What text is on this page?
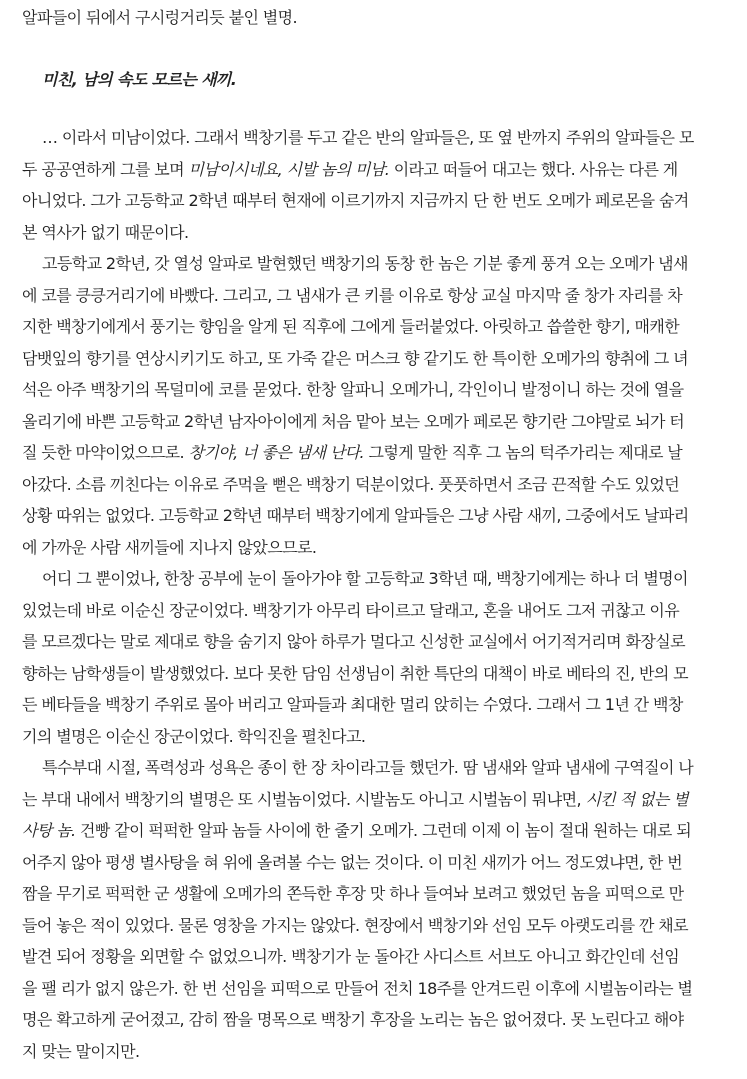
알파들이 뒤에서 구시렁거리듯 붙인 별명.
미친, 남의 속도 모르는 새끼.
… 이라서 미남이었다. 그래서 백창기를 두고 같은 반의 알파들은, 또 옆 반까지 주위의 알파들은 모
두 공공연하게 그를 보며 미남이시네요, 시발 놈의 미남. 이라고 떠들어 대고는 했다. 사유는 다른 게
아니었다. 그가 고등학교 2학년 때부터 현재에 이르기까지 지금까지 단 한 번도 오메가 페로몬을 숨겨
본 역사가 없기 때문이다.
고등학교 2학년, 갓 열성 알파로 발현했던 백창기의 동창 한 놈은 기분 좋게 풍겨 오는 오메가 냄새
에 코를 킁킁거리기에 바빴다. 그리고, 그 냄새가 큰 키를 이유로 항상 교실 마지막 줄 창가 자리를 차
지한 백창기에게서 풍기는 향임을 알게 된 직후에 그에게 들러붙었다. 아릿하고 씁쓸한 향기, 매캐한
담뱃잎의 향기를 연상시키기도 하고, 또 가죽 같은 머스크 향 같기도 한 특이한 오메가의 향취에 그 녀
석은 아주 백창기의 목덜미에 코를 묻었다. 한창 알파니 오메가니, 각인이니 발정이니 하는 것에 열을
올리기에 바쁜 고등학교 2학년 남자아이에게 처음 맡아 보는 오메가 페로몬 향기란 그야말로 뇌가 터
질 듯한 마약이었으므로. 창기야, 너 좋은 냄새 난다. 그렇게 말한 직후 그 놈의 턱주가리는 제대로 날
아갔다. 소름 끼친다는 이유로 주먹을 뻗은 백창기 덕분이었다. 풋풋하면서 조금 끈적할 수도 있었던
상황 따위는 없었다. 고등학교 2학년 때부터 백창기에게 알파들은 그냥 사람 새끼, 그중에서도 날파리
에 가까운 사람 새끼들에 지나지 않았으므로.
어디 그 뿐이었나, 한창 공부에 눈이 돌아가야 할 고등학교 3학년 때, 백창기에게는 하나 더 별명이
있었는데 바로 이순신 장군이었다. 백창기가 아무리 타이르고 달래고, 혼을 내어도 그저 귀찮고 이유
를 모르겠다는 말로 제대로 향을 숨기지 않아 하루가 멀다고 신성한 교실에서 어기적거리며 화장실로
향하는 남학생들이 발생했었다. 보다 못한 담임 선생님이 취한 특단의 대책이 바로 베타의 진, 반의 모
든 베타들을 백창기 주위로 몰아 버리고 알파들과 최대한 멀리 앉히는 수였다. 그래서 그 1년 간 백창
기의 별명은 이순신 장군이었다. 학익진을 펼친다고.
특수부대 시절, 폭력성과 성욕은 종이 한 장 차이라고들 했던가. 땀 냄새와 알파 냄새에 구역질이 나
는 부대 내에서 백창기의 별명은 또 시벌놈이었다. 시발놈도 아니고 시벌놈이 뭐냐면, 시킨 적 없는 별
사탕 놈. 건빵 같이 퍽퍽한 알파 놈들 사이에 한 줄기 오메가. 그런데 이제 이 놈이 절대 원하는 대로 되
어주지 않아 평생 별사탕을 혀 위에 올려볼 수는 없는 것이다. 이 미친 새끼가 어느 정도였냐면, 한 번
짬을 무기로 퍽퍽한 군 생활에 오메가의 쫀득한 후장 맛 하나 들여놔 보려고 했었던 놈을 피떡으로 만
들어 놓은 적이 있었다. 물론 영창을 가지는 않았다. 현장에서 백창기와 선임 모두 아랫도리를 깐 채로
발견 되어 정황을 외면할 수 없었으니까. 백창기가 눈 돌아간 사디스트 서브도 아니고 화간인데 선임
을 팰 리가 없지 않은가. 한 번 선임을 피떡으로 만들어 전치 18주를 안겨드린 이후에 시벌놈이라는 별
명은 확고하게 굳어졌고, 감히 짬을 명목으로 백창기 후장을 노리는 놈은 없어졌다. 못 노린다고 해야
지 맞는 말이지만.
